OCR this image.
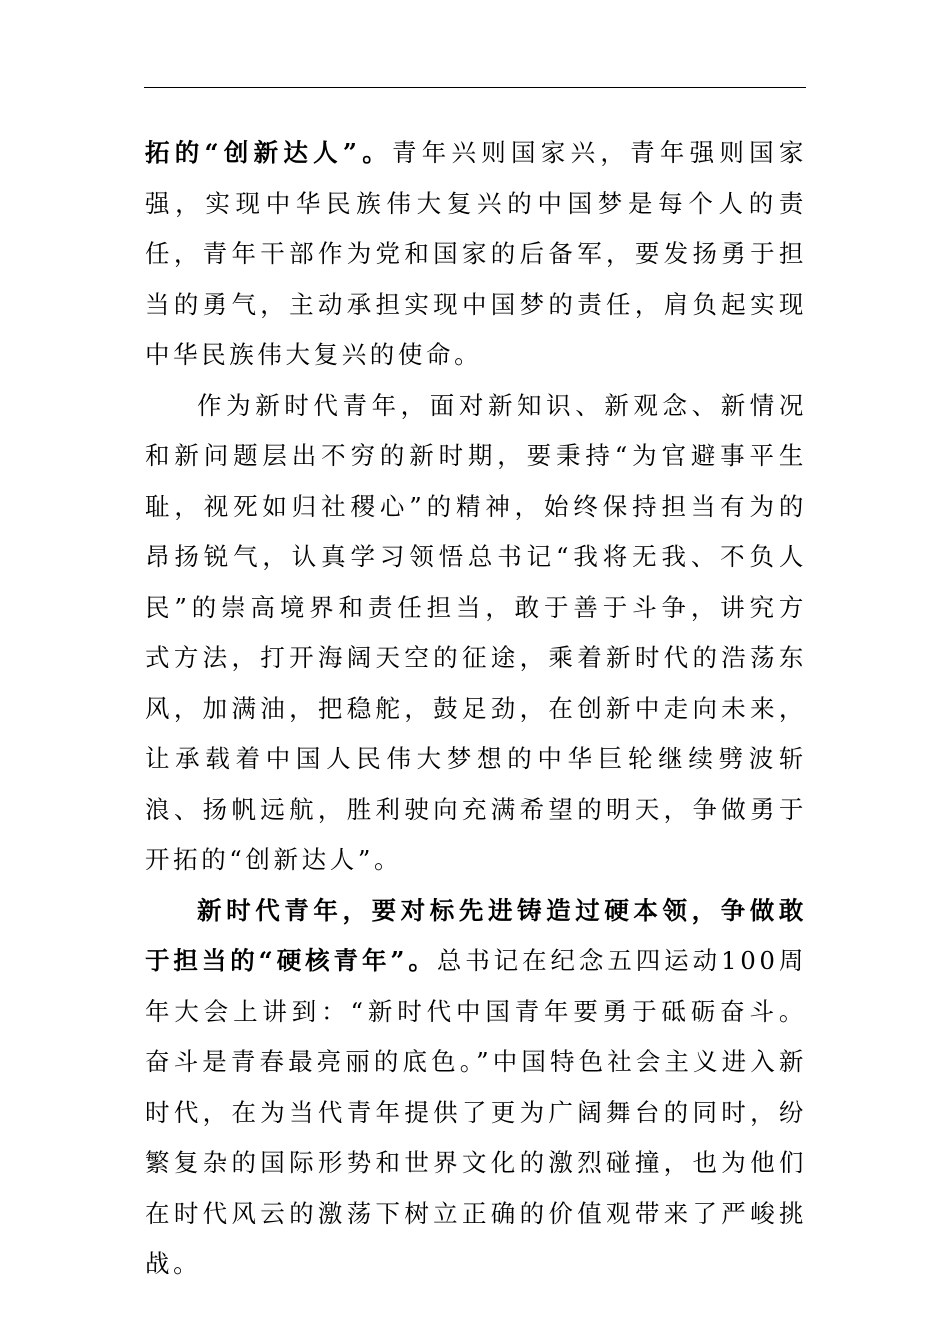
拓的“创新达人”。青年兴则国家兴，青年强则国家强，实现中华民族伟大复兴的中国梦是每个人的责任，青年干部作为党和国家的后备军，要发扬勇于担当的勇气，主动承担实现中国梦的责任，肩负起实现中华民族伟大复兴的使命。

作为新时代青年，面对新知识、新观念、新情况和新问题层出不穷的新时期，要秉持“为官避事平生耻，视死如归社稷心”的精神，始终保持担当有为的昂扬锐气，认真学习领悟总书记“我将无我、不负人民”的崇高境界和责任担当，敢于善于斗争，讲究方式方法，打开海阔天空的征途，乘着新时代的浩荡东风，加满油，把稳舵，鼓足劲，在创新中走向未来，让承载着中国人民伟大梦想的中华巨轮继续劈波斩浪、扬帆远航，胜利驶向充满希望的明天，争做勇于开拓的“创新达人”。

新时代青年，要对标先进铸造过硬本领，争做敢于担当的“硬核青年”。总书记在纪念五四运动100周年大会上讲到：“新时代中国青年要勇于砥砺奋斗。奋斗是青春最亮丽的底色。”中国特色社会主义进入新时代，在为当代青年提供了更为广阔舞台的同时，纷繁复杂的国际形势和世界文化的激烈碰撞，也为他们在时代风云的激荡下树立正确的价值观带来了严峻挑战。
